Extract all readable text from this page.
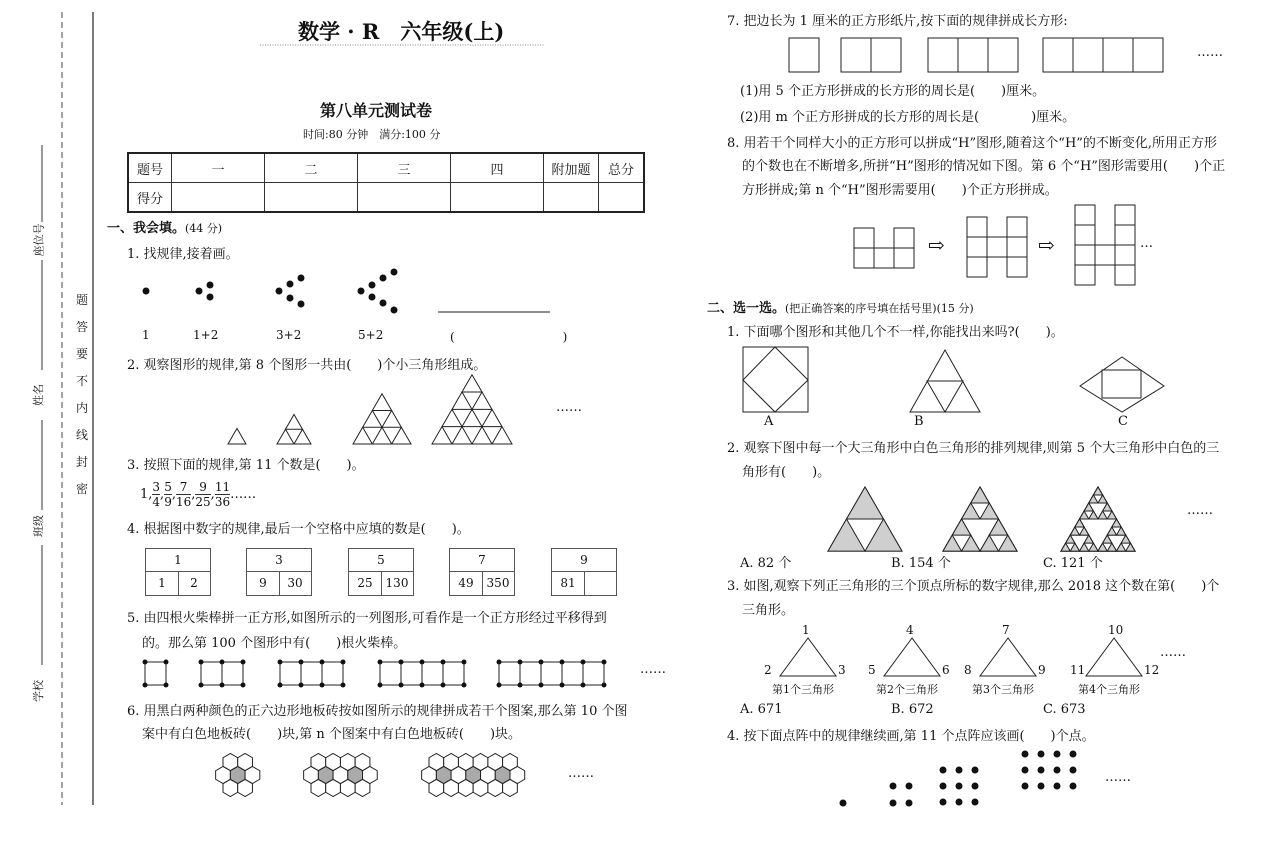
座位号
姓名
班级
学校
密
封
线
内
不
要
答
题
数学 · R　六年级(上)
第八单元测试卷
时间:80 分钟　满分:100 分
题号	一	二	三	四	附加题	总分
得分						
一、我会填。(44 分)
1. 找规律,接着画。
1	1+2	3+2	5+2	(　　　　　　　　　)
2. 观察图形的规律,第 8 个图形一共由(　　)个小三角形组成。
……
3. 按照下面的规律,第 11 个数是(　　)。
1, $\frac{3}{4}$ , $\frac{5}{9}$ , $\frac{7}{16}$ , $\frac{9}{25}$ , $\frac{11}{36}$ ……
4. 根据图中数字的规律,最后一个空格中应填的数是(　　)。
1
1	2
3
9	30
5
25	130
7
49	350
9
81
5. 由四根火柴棒拼一正方形,如图所示的一列图形,可看作是一个正方形经过平移得到
的。那么第 100 个图形中有(　　)根火柴棒。
……
6. 用黑白两种颜色的正六边形地板砖按如图所示的规律拼成若干个图案,那么第 10 个图
案中有白色地板砖(　　)块,第 n 个图案中有白色地板砖(　　)块。
……
7. 把边长为 1 厘米的正方形纸片,按下面的规律拼成长方形:
……
(1)用 5 个正方形拼成的长方形的周长是(　　)厘米。
(2)用 m 个正方形拼成的长方形的周长是(　　　　)厘米。
8. 用若干个同样大小的正方形可以拼成“H”图形,随着这个“H”的不断变化,所用正方形
的个数也在不断增多,所拼“H”图形的情况如下图。第 6 个“H”图形需要用(　　)个正
方形拼成;第 n 个“H”图形需要用(　　)个正方形拼成。
⇨	⇨	…
二、选一选。(把正确答案的序号填在括号里)(15 分)
1. 下面哪个图形和其他几个不一样,你能找出来吗?(　　)。
A	B	C
2. 观察下图中每一个大三角形中白色三角形的排列规律,则第 5 个大三角形中白色的三
角形有(　　)。
……
A. 82 个	B. 154 个	C. 121 个
3. 如图,观察下列正三角形的三个顶点所标的数字规律,那么 2018 这个数在第(　　)个
三角形。
1
2	3
第1个三角形
4
5	6
第2个三角形
7
8	9
第3个三角形
10
11	12
第4个三角形
……
A. 671	B. 672	C. 673
4. 按下面点阵中的规律继续画,第 11 个点阵应该画(　　)个点。
……
